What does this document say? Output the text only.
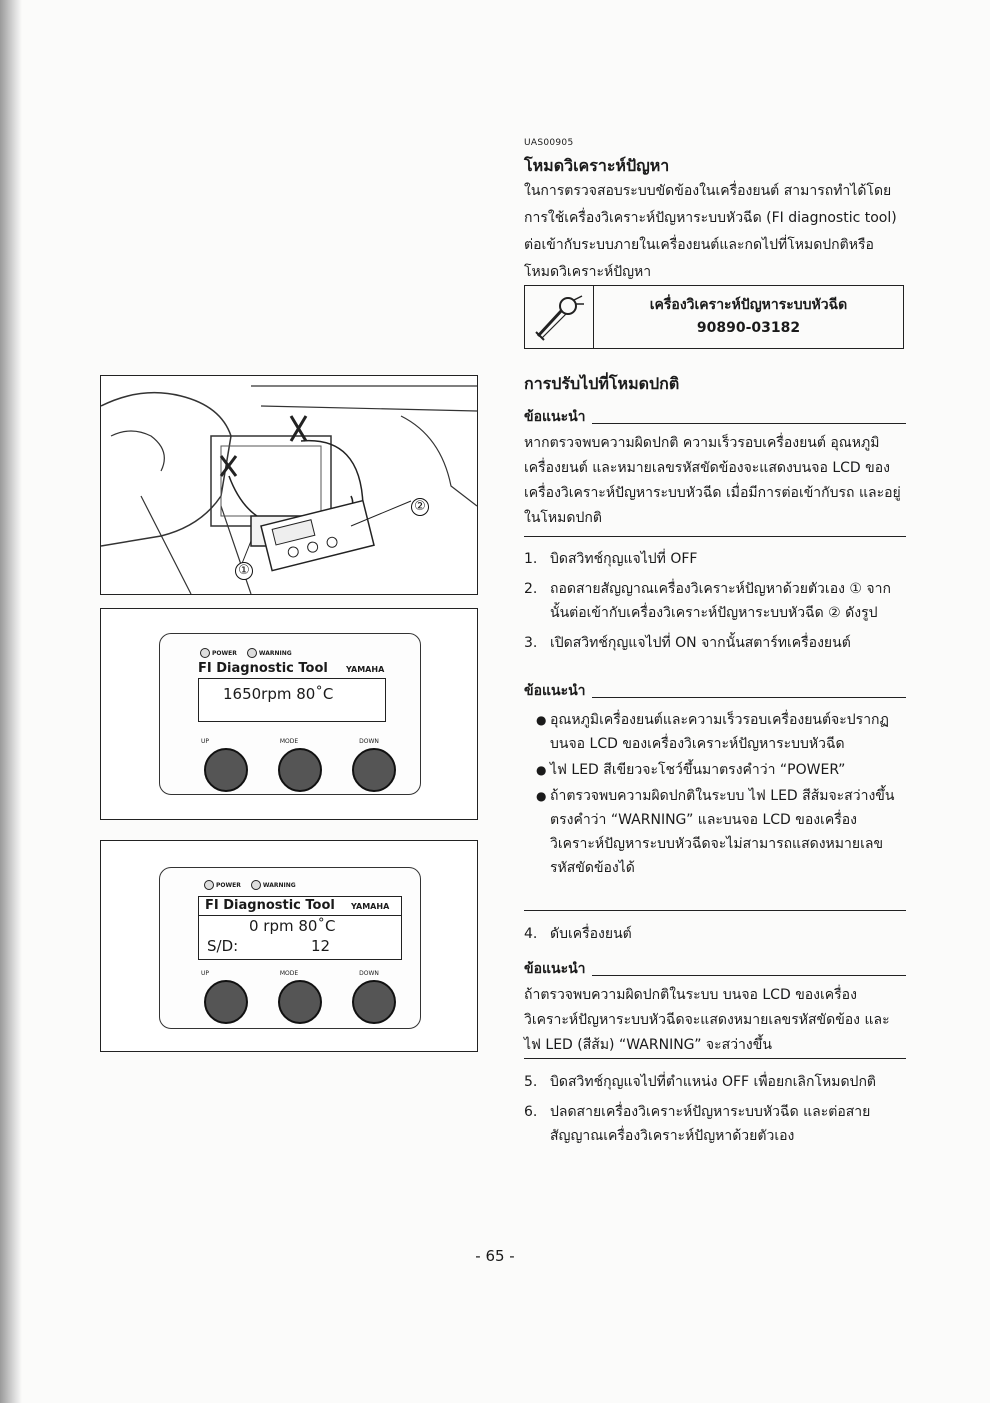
UAS00905
โหมดวิเคราะห์ปัญหา
ในการตรวจสอบระบบขัดข้องในเครื่องยนต์ สามารถทำได้โดยการใช้เครื่องวิเคราะห์ปัญหาระบบหัวฉีด (FI diagnostic tool) ต่อเข้ากับระบบภายในเครื่องยนต์และกดไปที่โหมดปกติหรือโหมดวิเคราะห์ปัญหา
เครื่องวิเคราะห์ปัญหาระบบหัวฉีด
90890-03182
การปรับไปที่โหมดปกติ
ข้อแนะนำ
หากตรวจพบความผิดปกติ ความเร็วรอบเครื่องยนต์ อุณหภูมิเครื่องยนต์ และหมายเลขรหัสขัดข้องจะแสดงบนจอ LCD ของเครื่องวิเคราะห์ปัญหาระบบหัวฉีด เมื่อมีการต่อเข้ากับรถ และอยู่ในโหมดปกติ
1. บิดสวิทช์กุญแจไปที่ OFF
2. ถอดสายสัญญาณเครื่องวิเคราะห์ปัญหาด้วยตัวเอง ① จากนั้นต่อเข้ากับเครื่องวิเคราะห์ปัญหาระบบหัวฉีด ② ดังรูป
3. เปิดสวิทช์กุญแจไปที่ ON จากนั้นสตาร์ทเครื่องยนต์
ข้อแนะนำ
● อุณหภูมิเครื่องยนต์และความเร็วรอบเครื่องยนต์จะปรากฏบนจอ LCD ของเครื่องวิเคราะห์ปัญหาระบบหัวฉีด
● ไฟ LED สีเขียวจะโชว์ขึ้นมาตรงคำว่า “POWER”
● ถ้าตรวจพบความผิดปกติในระบบ ไฟ LED สีส้มจะสว่างขึ้นตรงคำว่า “WARNING” และบนจอ LCD ของเครื่องวิเคราะห์ปัญหาระบบหัวฉีดจะไม่สามารถแสดงหมายเลขรหัสขัดข้องได้
4. ดับเครื่องยนต์
ข้อแนะนำ
ถ้าตรวจพบความผิดปกติในระบบ บนจอ LCD ของเครื่องวิเคราะห์ปัญหาระบบหัวฉีดจะแสดงหมายเลขรหัสขัดข้อง และไฟ LED (สีส้ม) “WARNING” จะสว่างขึ้น
5. บิดสวิทช์กุญแจไปที่ตำแหน่ง OFF เพื่อยกเลิกโหมดปกติ
6. ปลดสายเครื่องวิเคราะห์ปัญหาระบบหัวฉีด และต่อสายสัญญาณเครื่องวิเคราะห์ปัญหาด้วยตัวเอง
- 65 -
②
①
POWER	WARNING
FI Diagnostic Tool YAMAHA
1650rpm 80˚C
UP	MODE	DOWN
POWER	WARNING
FI Diagnostic Tool YAMAHA
0 rpm 80˚C
S/D:	12
UP	MODE	DOWN
